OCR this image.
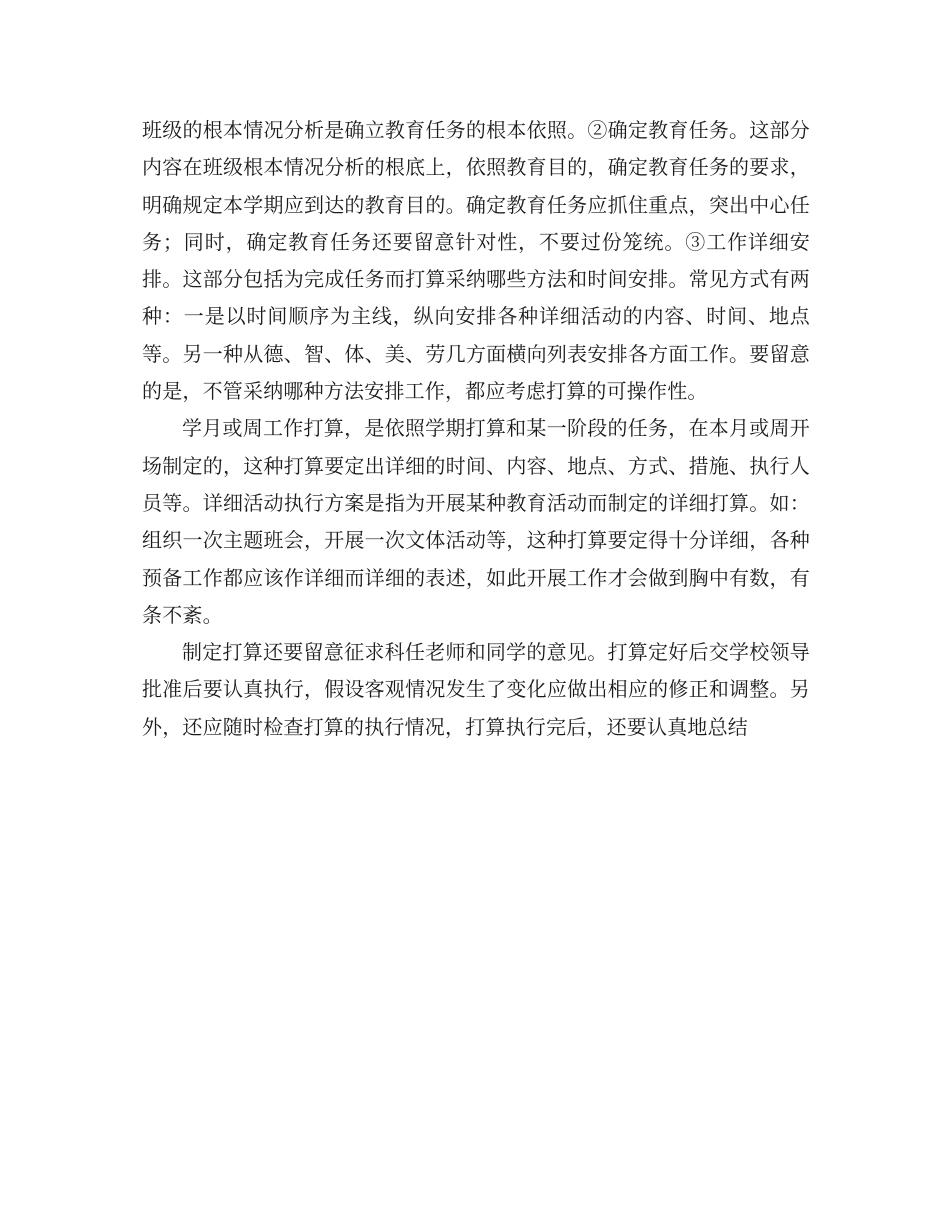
班级的根本情况分析是确立教育任务的根本依照。②确定教育任务。这部分内容在班级根本情况分析的根底上，依照教育目的，确定教育任务的要求，明确规定本学期应到达的教育目的。确定教育任务应抓住重点，突出中心任务；同时，确定教育任务还要留意针对性，不要过份笼统。③工作详细安排。这部分包括为完成任务而打算采纳哪些方法和时间安排。常见方式有两种：一是以时间顺序为主线，纵向安排各种详细活动的内容、时间、地点等。另一种从德、智、体、美、劳几方面横向列表安排各方面工作。要留意的是，不管采纳哪种方法安排工作，都应考虑打算的可操作性。

学月或周工作打算，是依照学期打算和某一阶段的任务，在本月或周开场制定的，这种打算要定出详细的时间、内容、地点、方式、措施、执行人员等。详细活动执行方案是指为开展某种教育活动而制定的详细打算。如：组织一次主题班会，开展一次文体活动等，这种打算要定得十分详细，各种预备工作都应该作详细而详细的表述，如此开展工作才会做到胸中有数，有条不紊。

制定打算还要留意征求科任老师和同学的意见。打算定好后交学校领导批准后要认真执行，假设客观情况发生了变化应做出相应的修正和调整。另外，还应随时检查打算的执行情况，打算执行完后，还要认真地总结
